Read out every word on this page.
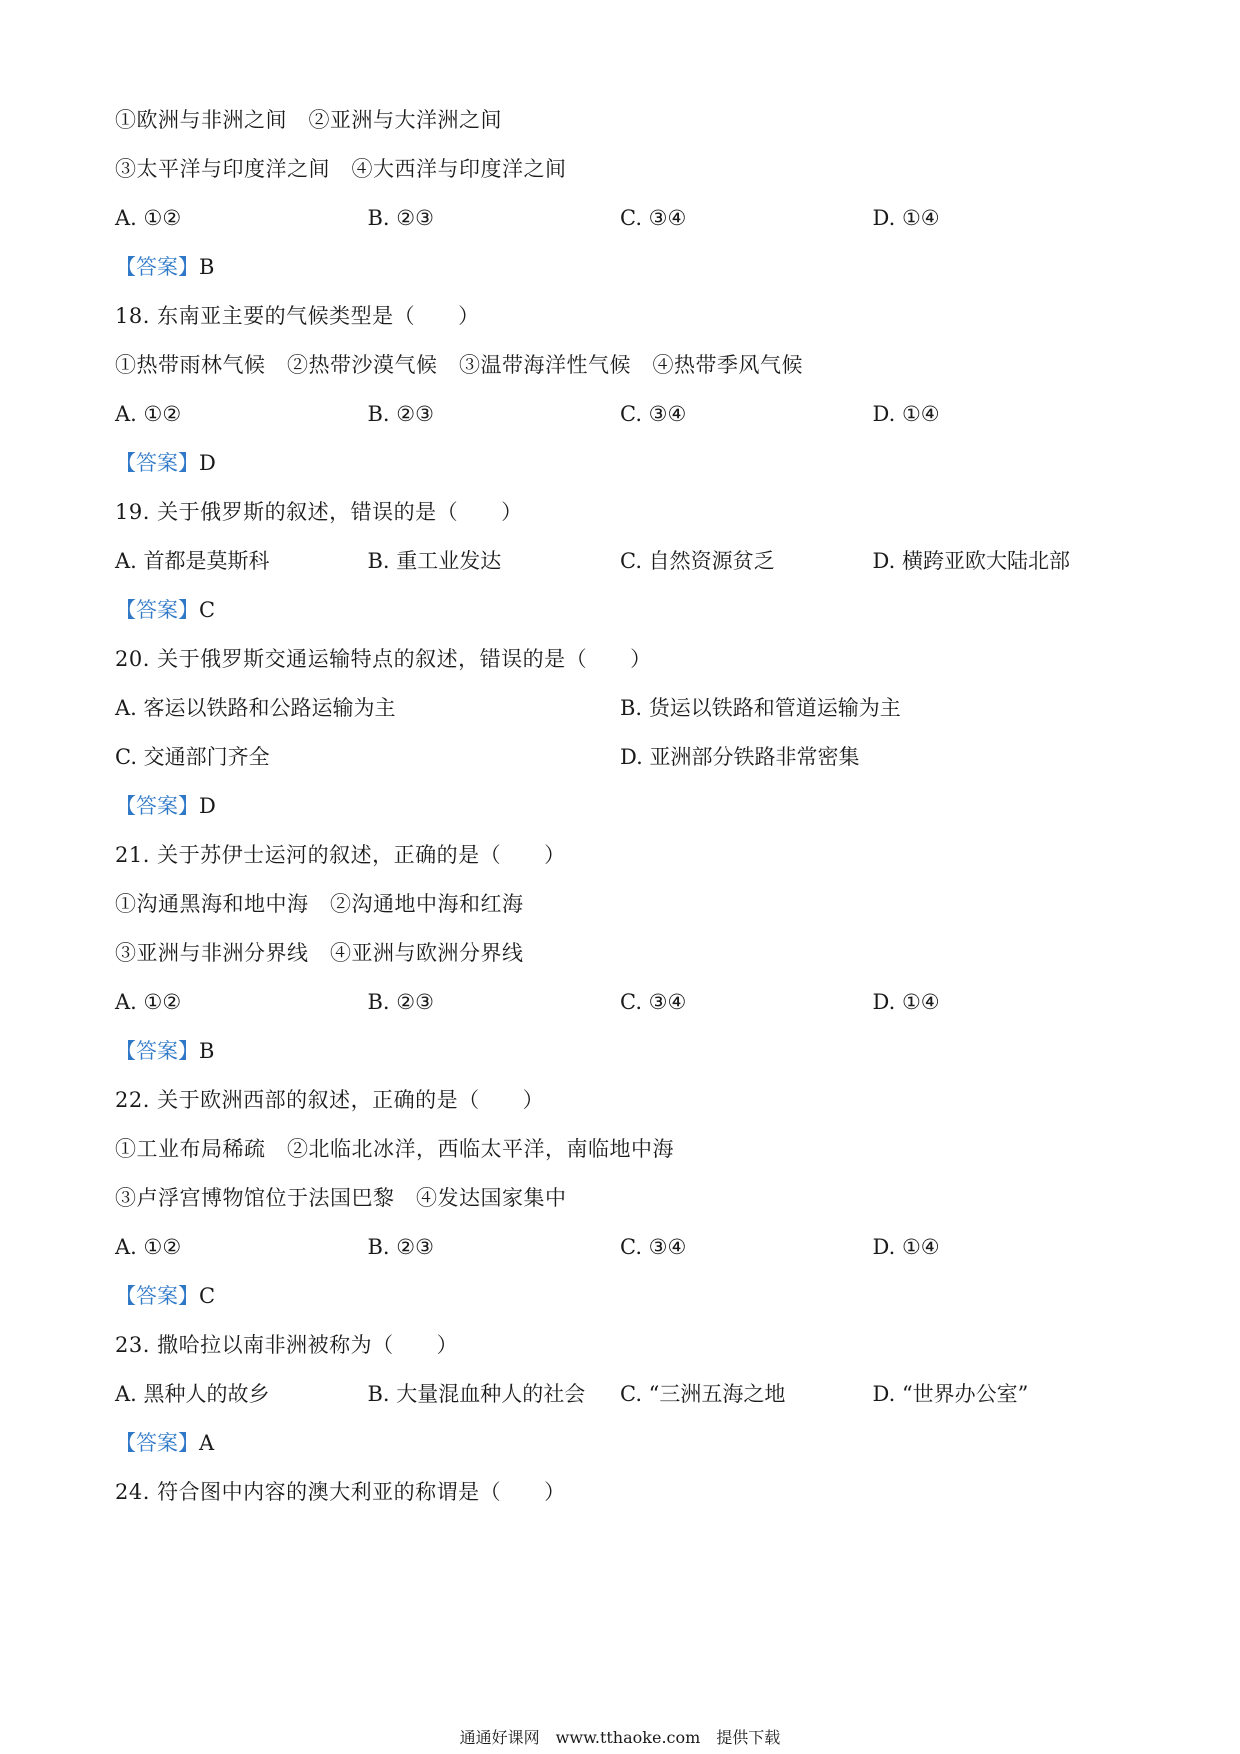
①欧洲与非洲之间　②亚洲与大洋洲之间
③太平洋与印度洋之间　④大西洋与印度洋之间
A. ①②	B. ②③	C. ③④	D. ①④
【答案】B
18. 东南亚主要的气候类型是（　　）
①热带雨林气候　②热带沙漠气候　③温带海洋性气候　④热带季风气候
A. ①②	B. ②③	C. ③④	D. ①④
【答案】D
19. 关于俄罗斯的叙述，错误的是（　　）
A. 首都是莫斯科	B. 重工业发达	C. 自然资源贫乏	D. 横跨亚欧大陆北部
【答案】C
20. 关于俄罗斯交通运输特点的叙述，错误的是（　　）
A. 客运以铁路和公路运输为主	B. 货运以铁路和管道运输为主
C. 交通部门齐全	D. 亚洲部分铁路非常密集
【答案】D
21. 关于苏伊士运河的叙述，正确的是（　　）
①沟通黑海和地中海　②沟通地中海和红海
③亚洲与非洲分界线　④亚洲与欧洲分界线
A. ①②	B. ②③	C. ③④	D. ①④
【答案】B
22. 关于欧洲西部的叙述，正确的是（　　）
①工业布局稀疏　②北临北冰洋，西临太平洋，南临地中海
③卢浮宫博物馆位于法国巴黎　④发达国家集中
A. ①②	B. ②③	C. ③④	D. ①④
【答案】C
23. 撒哈拉以南非洲被称为（　　）
A. 黑种人的故乡	B. 大量混血种人的社会	C. “三洲五海之地	D. “世界办公室”
【答案】A
24. 符合图中内容的澳大利亚的称谓是（　　）
通通好课网　www.tthaoke.com　提供下载
